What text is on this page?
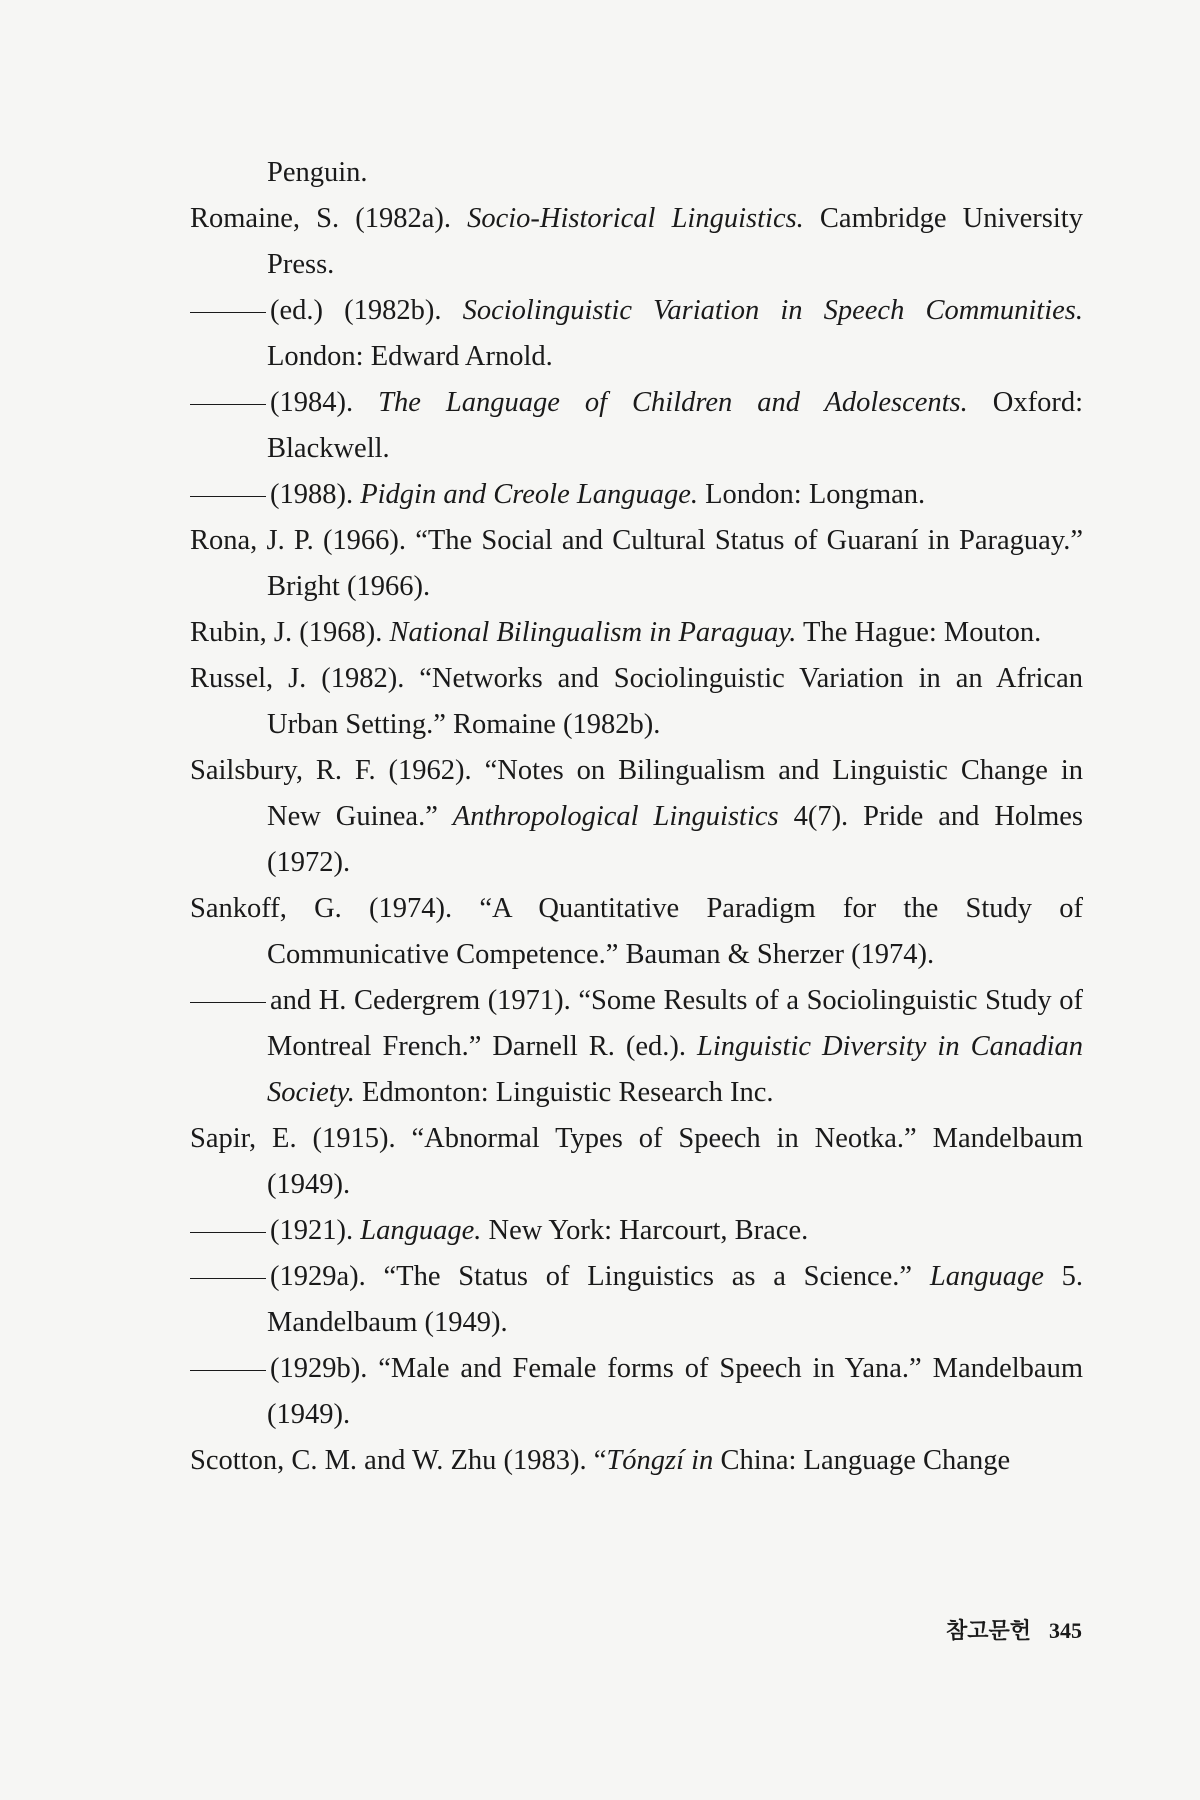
Penguin.
Romaine, S. (1982a). Socio-Historical Linguistics. Cambridge University Press.
(ed.) (1982b). Sociolinguistic Variation in Speech Communities. London: Edward Arnold.
(1984). The Language of Children and Adolescents. Oxford: Blackwell.
(1988). Pidgin and Creole Language. London: Longman.
Rona, J. P. (1966). “The Social and Cultural Status of Guaraní in Paraguay.” Bright (1966).
Rubin, J. (1968). National Bilingualism in Paraguay. The Hague: Mouton.
Russel, J. (1982). “Networks and Sociolinguistic Variation in an African Urban Setting.” Romaine (1982b).
Sailsbury, R. F. (1962). “Notes on Bilingualism and Linguistic Change in New Guinea.” Anthropological Linguistics 4(7). Pride and Holmes (1972).
Sankoff, G. (1974). “A Quantitative Paradigm for the Study of Communicative Competence.” Bauman & Sherzer (1974).
and H. Cedergrem (1971). “Some Results of a Sociolinguistic Study of Montreal French.” Darnell R. (ed.). Linguistic Diversity in Canadian Society. Edmonton: Linguistic Research Inc.
Sapir, E. (1915). “Abnormal Types of Speech in Neotka.” Mandelbaum (1949).
(1921). Language. New York: Harcourt, Brace.
(1929a). “The Status of Linguistics as a Science.” Language 5. Mandelbaum (1949).
(1929b). “Male and Female forms of Speech in Yana.” Mandelbaum (1949).
Scotton, C. M. and W. Zhu (1983). “Tóngzí in China: Language Change
참고문헌 345
